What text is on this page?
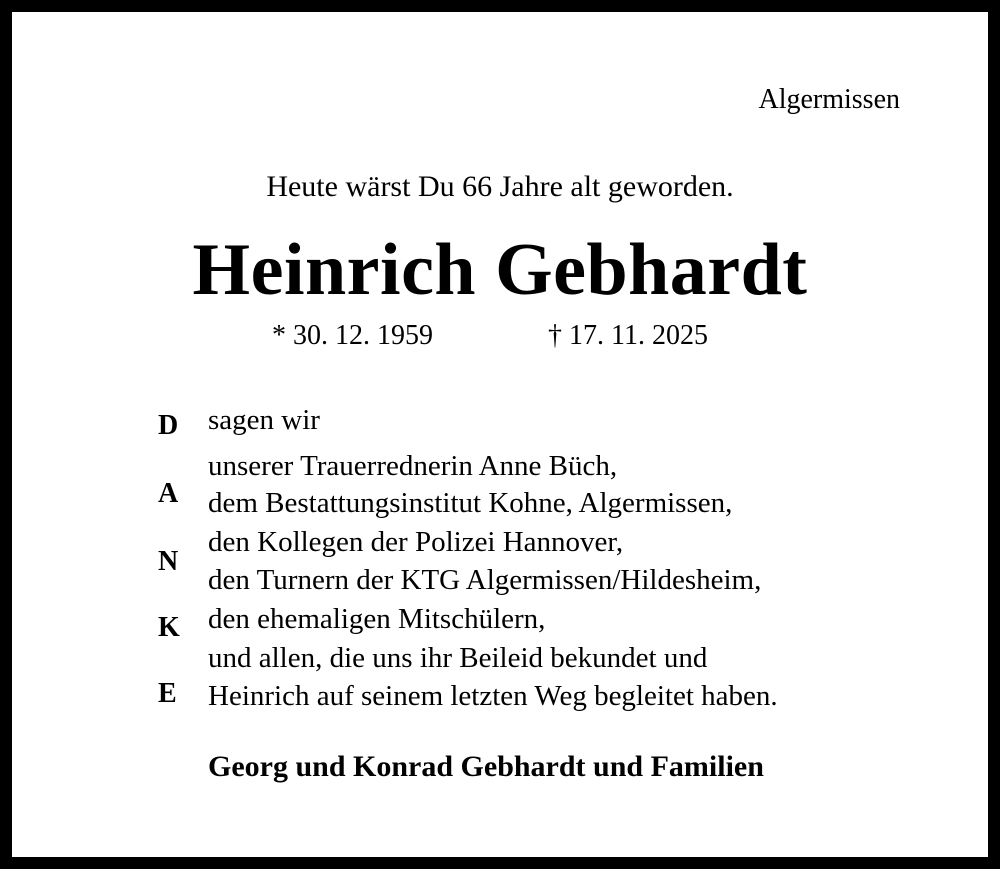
Algermissen
Heute wärst Du 66 Jahre alt geworden.
Heinrich Gebhardt
* 30. 12. 1959	† 17. 11. 2025
D
A
N
K
E
sagen wir
unserer Trauerrednerin Anne Büch,
dem Bestattungsinstitut Kohne, Algermissen,
den Kollegen der Polizei Hannover,
den Turnern der KTG Algermissen/Hildesheim,
den ehemaligen Mitschülern,
und allen, die uns ihr Beileid bekundet und
Heinrich auf seinem letzten Weg begleitet haben.
Georg und Konrad Gebhardt und Familien
